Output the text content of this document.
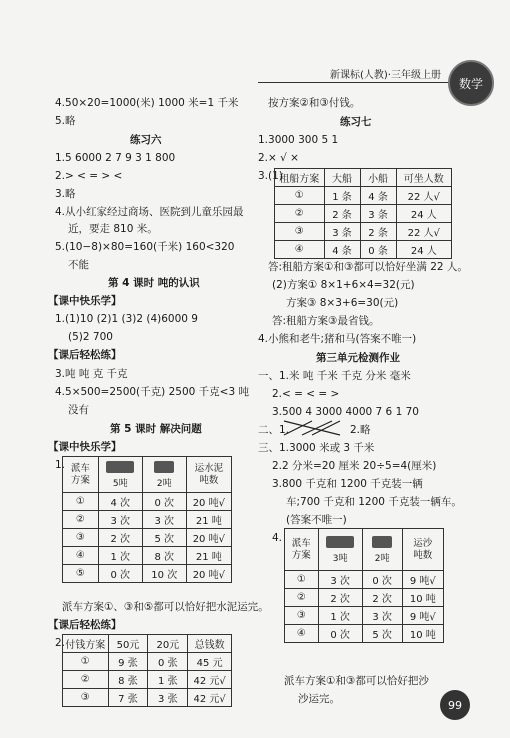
新课标(人教)·三年级上册
数学
4.50×20=1000(米) 1000 米=1 千米
5.略
练习六
1.5 6000 2 7 9 3 1 800
2.> < = > <
3.略
4.从小红家经过商场、医院到儿童乐园最
近，要走 810 米。
5.(10−8)×80=160(千米) 160<320
不能
第 4 课时 吨的认识
【课中快乐学】
1.(1)10 (2)1 (3)2 (4)6000 9
(5)2 700
【课后轻松练】
3.吨 吨 克 千克
4.5×500=2500(千克) 2500 千克<3 吨
没有
第 5 课时 解决问题
【课中快乐学】
1. 派车
方案	5吨	2吨	运水泥
吨数
①	4 次	0 次	20 吨√
②	3 次	3 次	21 吨
③	2 次	5 次	20 吨√
④	1 次	8 次	21 吨
⑤	0 次	10 次	20 吨√
派车方案①、③和⑤都可以恰好把水泥运完。
【课后轻松练】
2. 付钱方案	50元	20元	总钱数
①	9 张	0 张	45 元
②	8 张	1 张	42 元√
③	7 张	3 张	42 元√
按方案②和③付钱。
练习七
1.3000 300 5 1
2.× √ ×
3.(1)
租船方案	大船	小船	可坐人数
①	1 条	4 条	22 人√
②	2 条	3 条	24 人
③	3 条	2 条	22 人√
④	4 条	0 条	24 人
答:租船方案①和③都可以恰好坐满 22 人。
(2)方案① 8×1+6×4=32(元)
方案③ 8×3+6=30(元)
答:租船方案③最省钱。
4.小熊和老牛;猪和马(答案不唯一)
第三单元检测作业
一、1.米 吨 千米 千克 分米 毫米
2.< = < = >
3.500 4 3000 4000 7 6 1 70
二、1.	2.略
三、1.3000 米或 3 千米
2.2 分米=20 厘米 20÷5=4(厘米)
3.800 千克和 1200 千克装一辆
车;700 千克和 1200 千克装一辆车。
(答案不唯一)
4. 派车
方案	3吨	2吨	运沙
吨数
①	3 次	0 次	9 吨√
②	2 次	2 次	10 吨
③	1 次	3 次	9 吨√
④	0 次	5 次	10 吨
派车方案①和③都可以恰好把沙
沙运完。	99
